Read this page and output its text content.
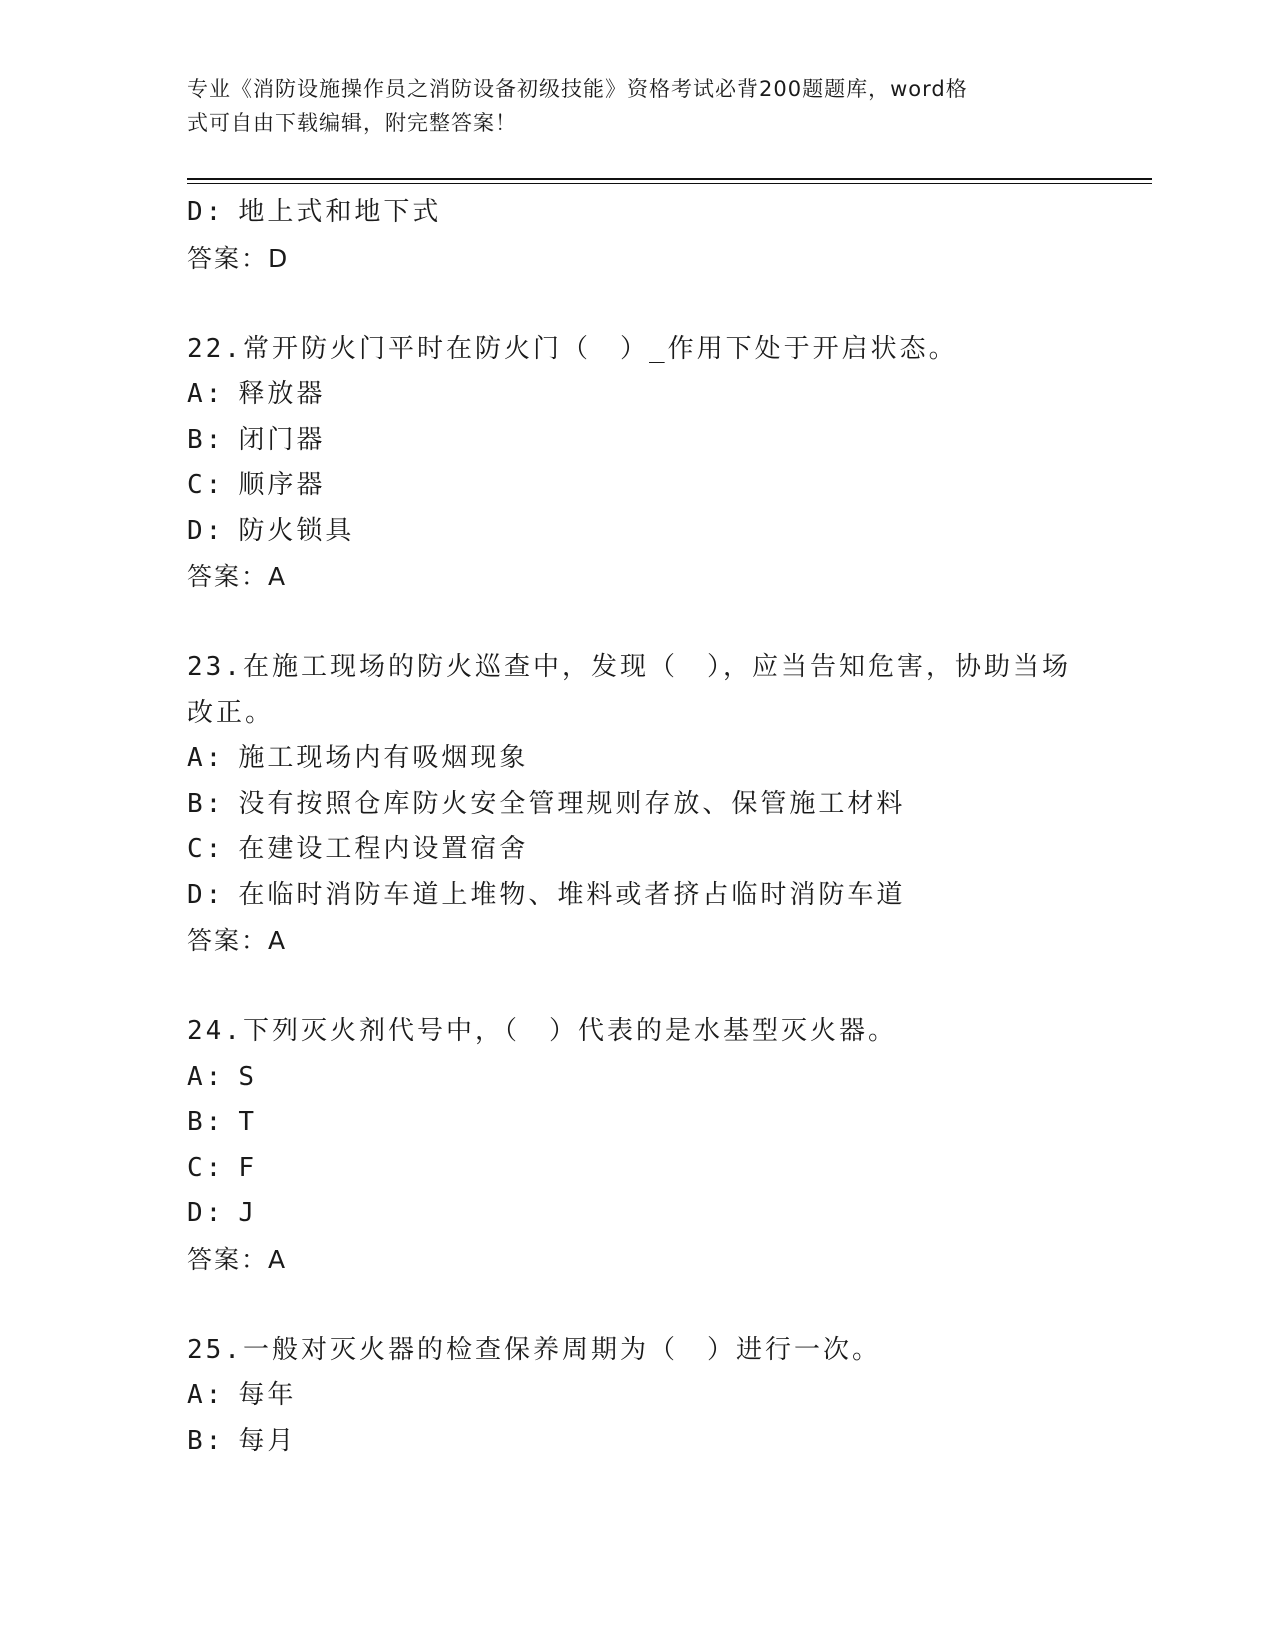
专业《消防设施操作员之消防设备初级技能》资格考试必背200题题库，word格
式可自由下载编辑，附完整答案！
D: 地上式和地下式
答案：D
22.常开防火门平时在防火门（　）_作用下处于开启状态。
A: 释放器
B: 闭门器
C: 顺序器
D: 防火锁具
答案：A
23.在施工现场的防火巡查中，发现（　），应当告知危害，协助当场
改正。
A: 施工现场内有吸烟现象
B: 没有按照仓库防火安全管理规则存放、保管施工材料
C: 在建设工程内设置宿舍
D: 在临时消防车道上堆物、堆料或者挤占临时消防车道
答案：A
24.下列灭火剂代号中，（　）代表的是水基型灭火器。
A: S
B: T
C: F
D: J
答案：A
25.一般对灭火器的检查保养周期为（　）进行一次。
A: 每年
B: 每月
